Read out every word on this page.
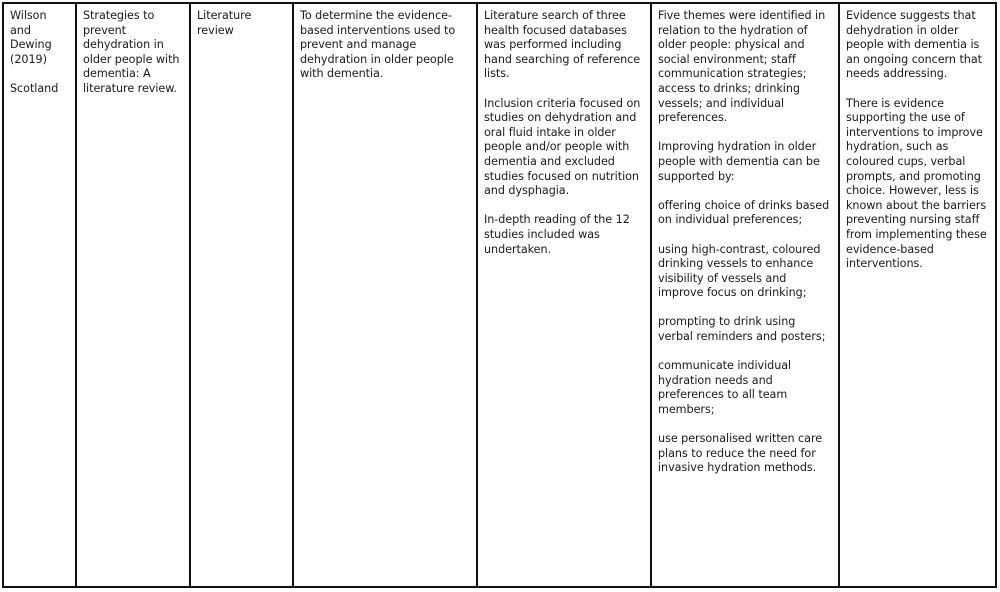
Wilson and Dewing (2019)

Scotland

Strategies to prevent dehydration in older people with dementia: A literature review.

Literature review

To determine the evidence-based interventions used to prevent and manage dehydration in older people with dementia.

Literature search of three health focused databases was performed including hand searching of reference lists.

Inclusion criteria focused on studies on dehydration and oral fluid intake in older people and/or people with dementia and excluded studies focused on nutrition and dysphagia.

In-depth reading of the 12 studies included was undertaken.

Five themes were identified in relation to the hydration of older people: physical and social environment; staff communication strategies; access to drinks; drinking vessels; and individual preferences.

Improving hydration in older people with dementia can be supported by:

offering choice of drinks based on individual preferences;

using high-contrast, coloured drinking vessels to enhance visibility of vessels and improve focus on drinking;

prompting to drink using verbal reminders and posters;

communicate individual hydration needs and preferences to all team members;

use personalised written care plans to reduce the need for invasive hydration methods.

Evidence suggests that dehydration in older people with dementia is an ongoing concern that needs addressing.

There is evidence supporting the use of interventions to improve hydration, such as coloured cups, verbal prompts, and promoting choice. However, less is known about the barriers preventing nursing staff from implementing these evidence-based interventions.
